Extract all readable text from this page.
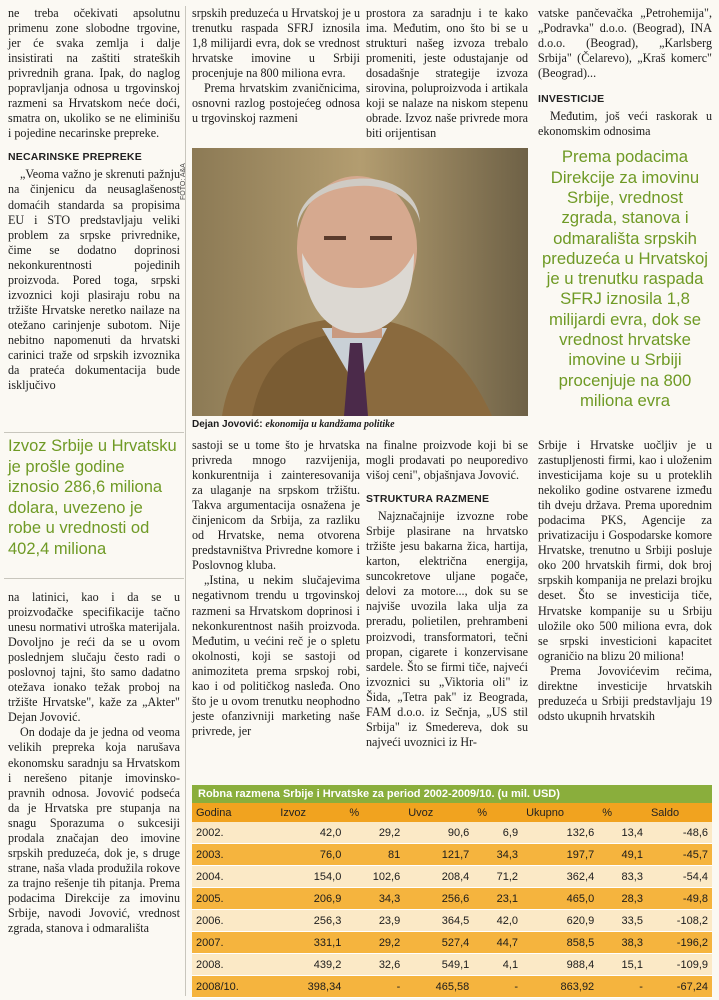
ne treba očekivati apsolutnu primenu zone slobodne trgovine, jer će svaka zemlja i dalje insistirati na zaštiti strateških privrednih grana. Ipak, do naglog popravljanja odnosa u trgovinskoj razmeni sa Hrvatskom neće doći, smatra on, ukoliko se ne eliminišu i pojedine necarinske prepreke.

NECARINSKE PREPREKE

„Veoma važno je skrenuti pažnju na činjenicu da neusaglašenost domaćih standarda sa propisima EU i STO predstavljaju veliki problem za srpske privrednike, čime se dodatno doprinosi nekonkurentnosti pojedinih proizvoda. Pored toga, srpski izvoznici koji plasiraju robu na tržište Hrvatske neretko nailaze na otežano carinjenje subotom. Nije nebitno napomenuti da hrvatski carinici traže od srpskih izvoznika da prateća dokumentacija bude isključivo

Izvoz Srbije u Hrvatsku je prošle godine iznosio 286,6 miliona dolara, uvezeno je robe u vrednosti od 402,4 miliona

na latinici, kao i da se u proizvođačke specifikacije tačno unesu normativi utroška materijala. Dovoljno je reći da se u ovom poslednjem slučaju često radi o poslovnoj tajni, što samo dadatno otežava ionako težak proboj na tržište Hrvatske", kaže za „Akter" Dejan Jovović.

On dodaje da je jedna od veoma velikih prepreka koja narušava ekonomsku saradnju sa Hrvatskom i nerešeno pitanje imovinsko-pravnih odnosa. Jovović podseća da je Hrvatska pre stupanja na snagu Sporazuma o sukcesiji prodala značajan deo imovine srpskih preduzeća, dok je, s druge strane, naša vlada produžila rokove za trajno rešenje tih pitanja. Prema podacima Direkcije za imovinu Srbije, navodi Jovović, vrednost zgrada, stanova i odmarališta

srpskih preduzeća u Hrvatskoj je u trenutku raspada SFRJ iznosila 1,8 milijardi evra, dok se vrednost hrvatske imovine u Srbiji procenjuje na 800 miliona evra.

Prema hrvatskim zvaničnicima, osnovni razlog postojećeg odnosa u trgovinskoj razmeni

prostora za saradnju i te kako ima. Međutim, ono što bi se u strukturi našeg izvoza trebalo promeniti, jeste odustajanje od dosadašnje strategije izvoza sirovina, poluproizvoda i artikala koji se nalaze na niskom stepenu obrade. Izvoz naše privrede mora biti orijentisan

vatske pančevačka „Petrohemija", „Podravka" d.o.o. (Beograd), INA d.o.o. (Beograd), „Karlsberg Srbija" (Čelarevo), „Kraš komerc" (Beograd)...

INVESTICIJE

Međutim, još veći raskorak u ekonomskim odnosima

Prema podacima Direkcije za imovinu Srbije, vrednost zgrada, stanova i odmarališta srpskih preduzeća u Hrvatskoj je u trenutku raspada SFRJ iznosila 1,8 milijardi evra, dok se vrednost hrvatske imovine u Srbiji procenjuje na 800 miliona evra

FOTO: A&A
Dejan Jovović: ekonomija u kandžama politike

sastoji se u tome što je hrvatska privreda mnogo razvijenija, konkurentnija i zainteresovanija za ulaganje na srpskom tržištu. Takva argumentacija osnažena je činjenicom da Srbija, za razliku od Hrvatske, nema otvorena predstavništva Privredne komore i Poslovnog kluba.

„Istina, u nekim slučajevima negativnom trendu u trgovinskoj razmeni sa Hrvatskom doprinosi i nekonkurentnost naših proizvoda. Međutim, u većini reč je o spletu okolnosti, koji se sastoji od animoziteta prema srpskoj robi, kao i od političkog nasleđa. Ono što je u ovom trenutku neophodno jeste ofanzivniji marketing naše privrede, jer

na finalne proizvode koji bi se mogli prodavati po neuporedivo višoj ceni", objašnjava Jovović.

STRUKTURA RAZMENE

Najznačajnije izvozne robe Srbije plasirane na hrvatsko tržište jesu bakarna žica, hartija, karton, električna energija, suncokretove uljane pogače, delovi za motore..., dok su se najviše uvozila laka ulja za preradu, polietilen, prehrambeni proizvodi, transformatori, tečni propan, cigarete i konzervisane sardele. Što se firmi tiče, najveći izvoznici su „Viktoria oli" iz Šida, „Tetra pak" iz Beograda, FAM d.o.o. iz Sečnja, „US stil Srbija" iz Smedereva, dok su najveći uvoznici iz Hr-

Srbije i Hrvatske uočljiv je u zastupljenosti firmi, kao i uloženim investicijama koje su u proteklih nekoliko godine ostvarene između tih dveju država. Prema uporednim podacima PKS, Agencije za privatizaciju i Gospodarske komore Hrvatske, trenutno u Srbiji posluje oko 200 hrvatskih firmi, dok broj srpskih kompanija ne prelazi brojku deset. Što se investicija tiče, Hrvatske kompanije su u Srbiju uložile oko 500 miliona evra, dok se srpski investicioni kapacitet ograničio na blizu 20 miliona!

Prema Jovovićevim rečima, direktne investicije hrvatskih preduzeća u Srbiji predstavljaju 19 odsto ukupnih hrvatskih

Robna razmena Srbije i Hrvatske za period 2002-2009/10. (u mil. USD)
Godina	Izvoz	%	Uvoz	%	Ukupno	%	Saldo
2002.	42,0	29,2	90,6	6,9	132,6	13,4	-48,6
2003.	76,0	81	121,7	34,3	197,7	49,1	-45,7
2004.	154,0	102,6	208,4	71,2	362,4	83,3	-54,4
2005.	206,9	34,3	256,6	23,1	465,0	28,3	-49,8
2006.	256,3	23,9	364,5	42,0	620,9	33,5	-108,2
2007.	331,1	29,2	527,4	44,7	858,5	38,3	-196,2
2008.	439,2	32,6	549,1	4,1	988,4	15,1	-109,9
2008/10.	398,34	-	465,58	-	863,92	-	-67,24
